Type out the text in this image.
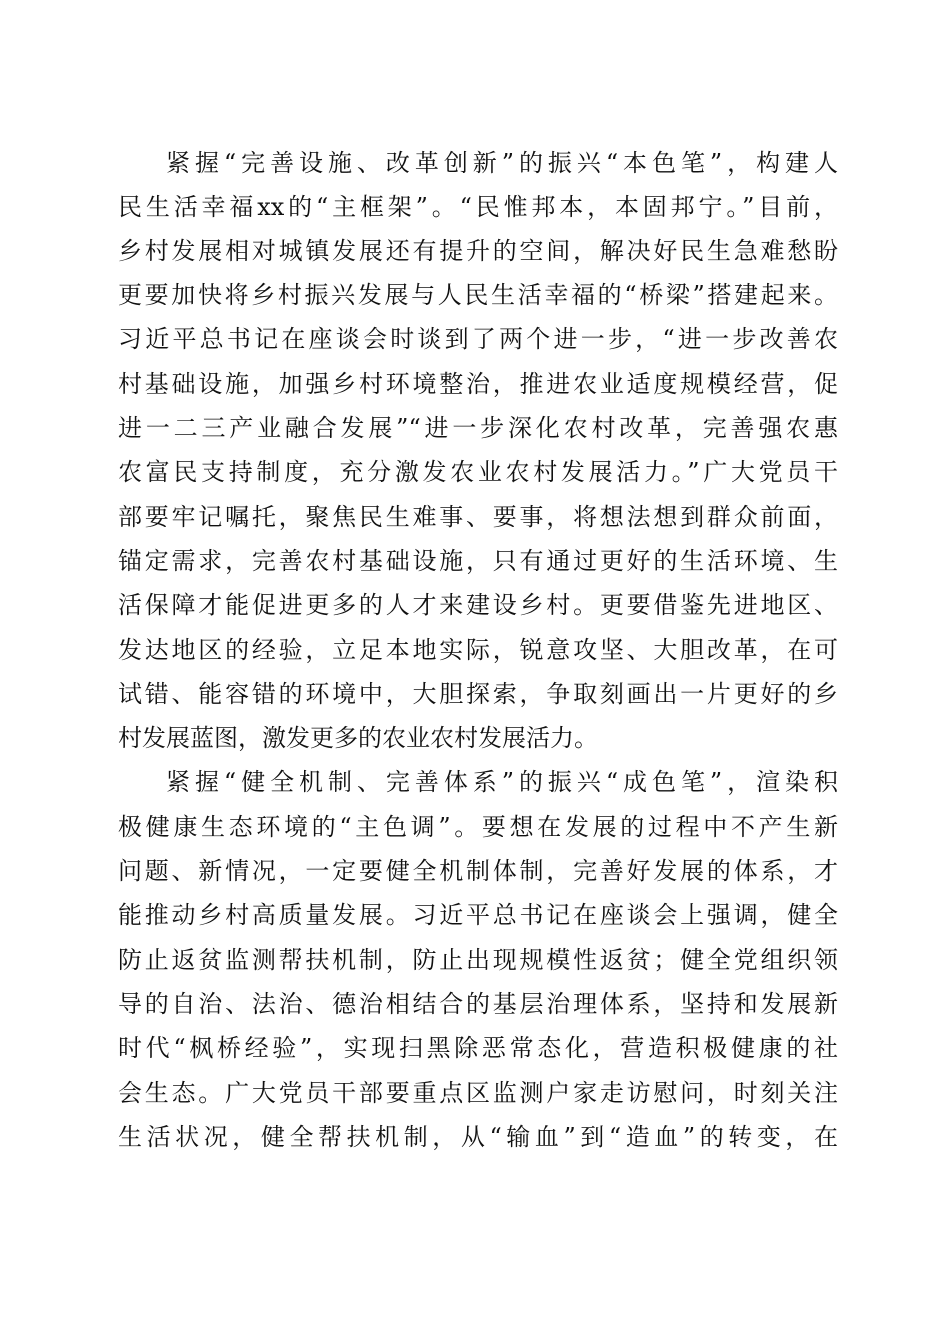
紧握“完善设施、改革创新”的振兴“本色笔”，构建人
民生活幸福xx的“主框架”。“民惟邦本，本固邦宁。”目前，
乡村发展相对城镇发展还有提升的空间，解决好民生急难愁盼
更要加快将乡村振兴发展与人民生活幸福的“桥梁”搭建起来。
习近平总书记在座谈会时谈到了两个进一步，“进一步改善农
村基础设施，加强乡村环境整治，推进农业适度规模经营，促
进一二三产业融合发展”“进一步深化农村改革，完善强农惠
农富民支持制度，充分激发农业农村发展活力。”广大党员干
部要牢记嘱托，聚焦民生难事、要事，将想法想到群众前面，
锚定需求，完善农村基础设施，只有通过更好的生活环境、生
活保障才能促进更多的人才来建设乡村。更要借鉴先进地区、
发达地区的经验，立足本地实际，锐意攻坚、大胆改革，在可
试错、能容错的环境中，大胆探索，争取刻画出一片更好的乡
村发展蓝图，激发更多的农业农村发展活力。
紧握“健全机制、完善体系”的振兴“成色笔”，渲染积
极健康生态环境的“主色调”。要想在发展的过程中不产生新
问题、新情况，一定要健全机制体制，完善好发展的体系，才
能推动乡村高质量发展。习近平总书记在座谈会上强调，健全
防止返贫监测帮扶机制，防止出现规模性返贫；健全党组织领
导的自治、法治、德治相结合的基层治理体系，坚持和发展新
时代“枫桥经验”，实现扫黑除恶常态化，营造积极健康的社
会生态。广大党员干部要重点区监测户家走访慰问，时刻关注
生活状况，健全帮扶机制，从“输血”到“造血”的转变，在
